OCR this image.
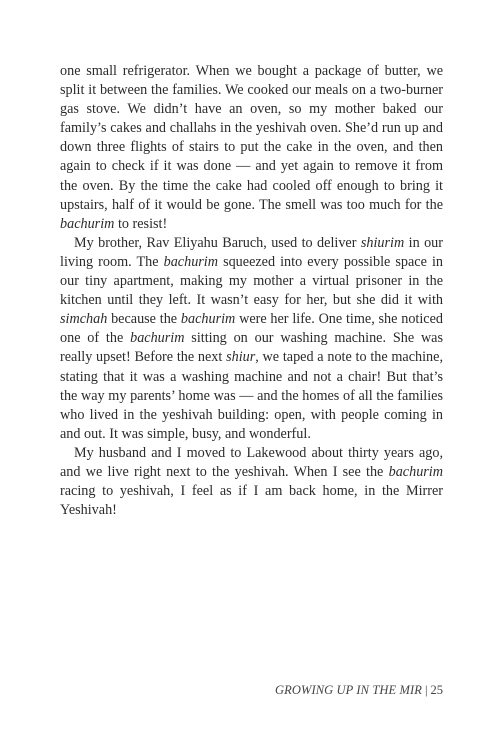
one small refrigerator. When we bought a package of butter, we split it between the families. We cooked our meals on a two-burner gas stove. We didn’t have an oven, so my mother baked our family’s cakes and challahs in the yeshivah oven. She’d run up and down three flights of stairs to put the cake in the oven, and then again to check if it was done — and yet again to remove it from the oven. By the time the cake had cooled off enough to bring it upstairs, half of it would be gone. The smell was too much for the bachurim to resist!

My brother, Rav Eliyahu Baruch, used to deliver shiurim in our living room. The bachurim squeezed into every possible space in our tiny apartment, making my mother a virtual prisoner in the kitchen until they left. It wasn’t easy for her, but she did it with simchah because the bachurim were her life. One time, she noticed one of the bachurim sitting on our washing machine. She was really upset! Before the next shiur, we taped a note to the machine, stating that it was a washing machine and not a chair! But that’s the way my parents’ home was — and the homes of all the families who lived in the yeshivah building: open, with people coming in and out. It was simple, busy, and wonderful.

My husband and I moved to Lakewood about thirty years ago, and we live right next to the yeshivah. When I see the bachurim racing to yeshivah, I feel as if I am back home, in the Mirrer Yeshivah!

GROWING UP IN THE MIR | 25
